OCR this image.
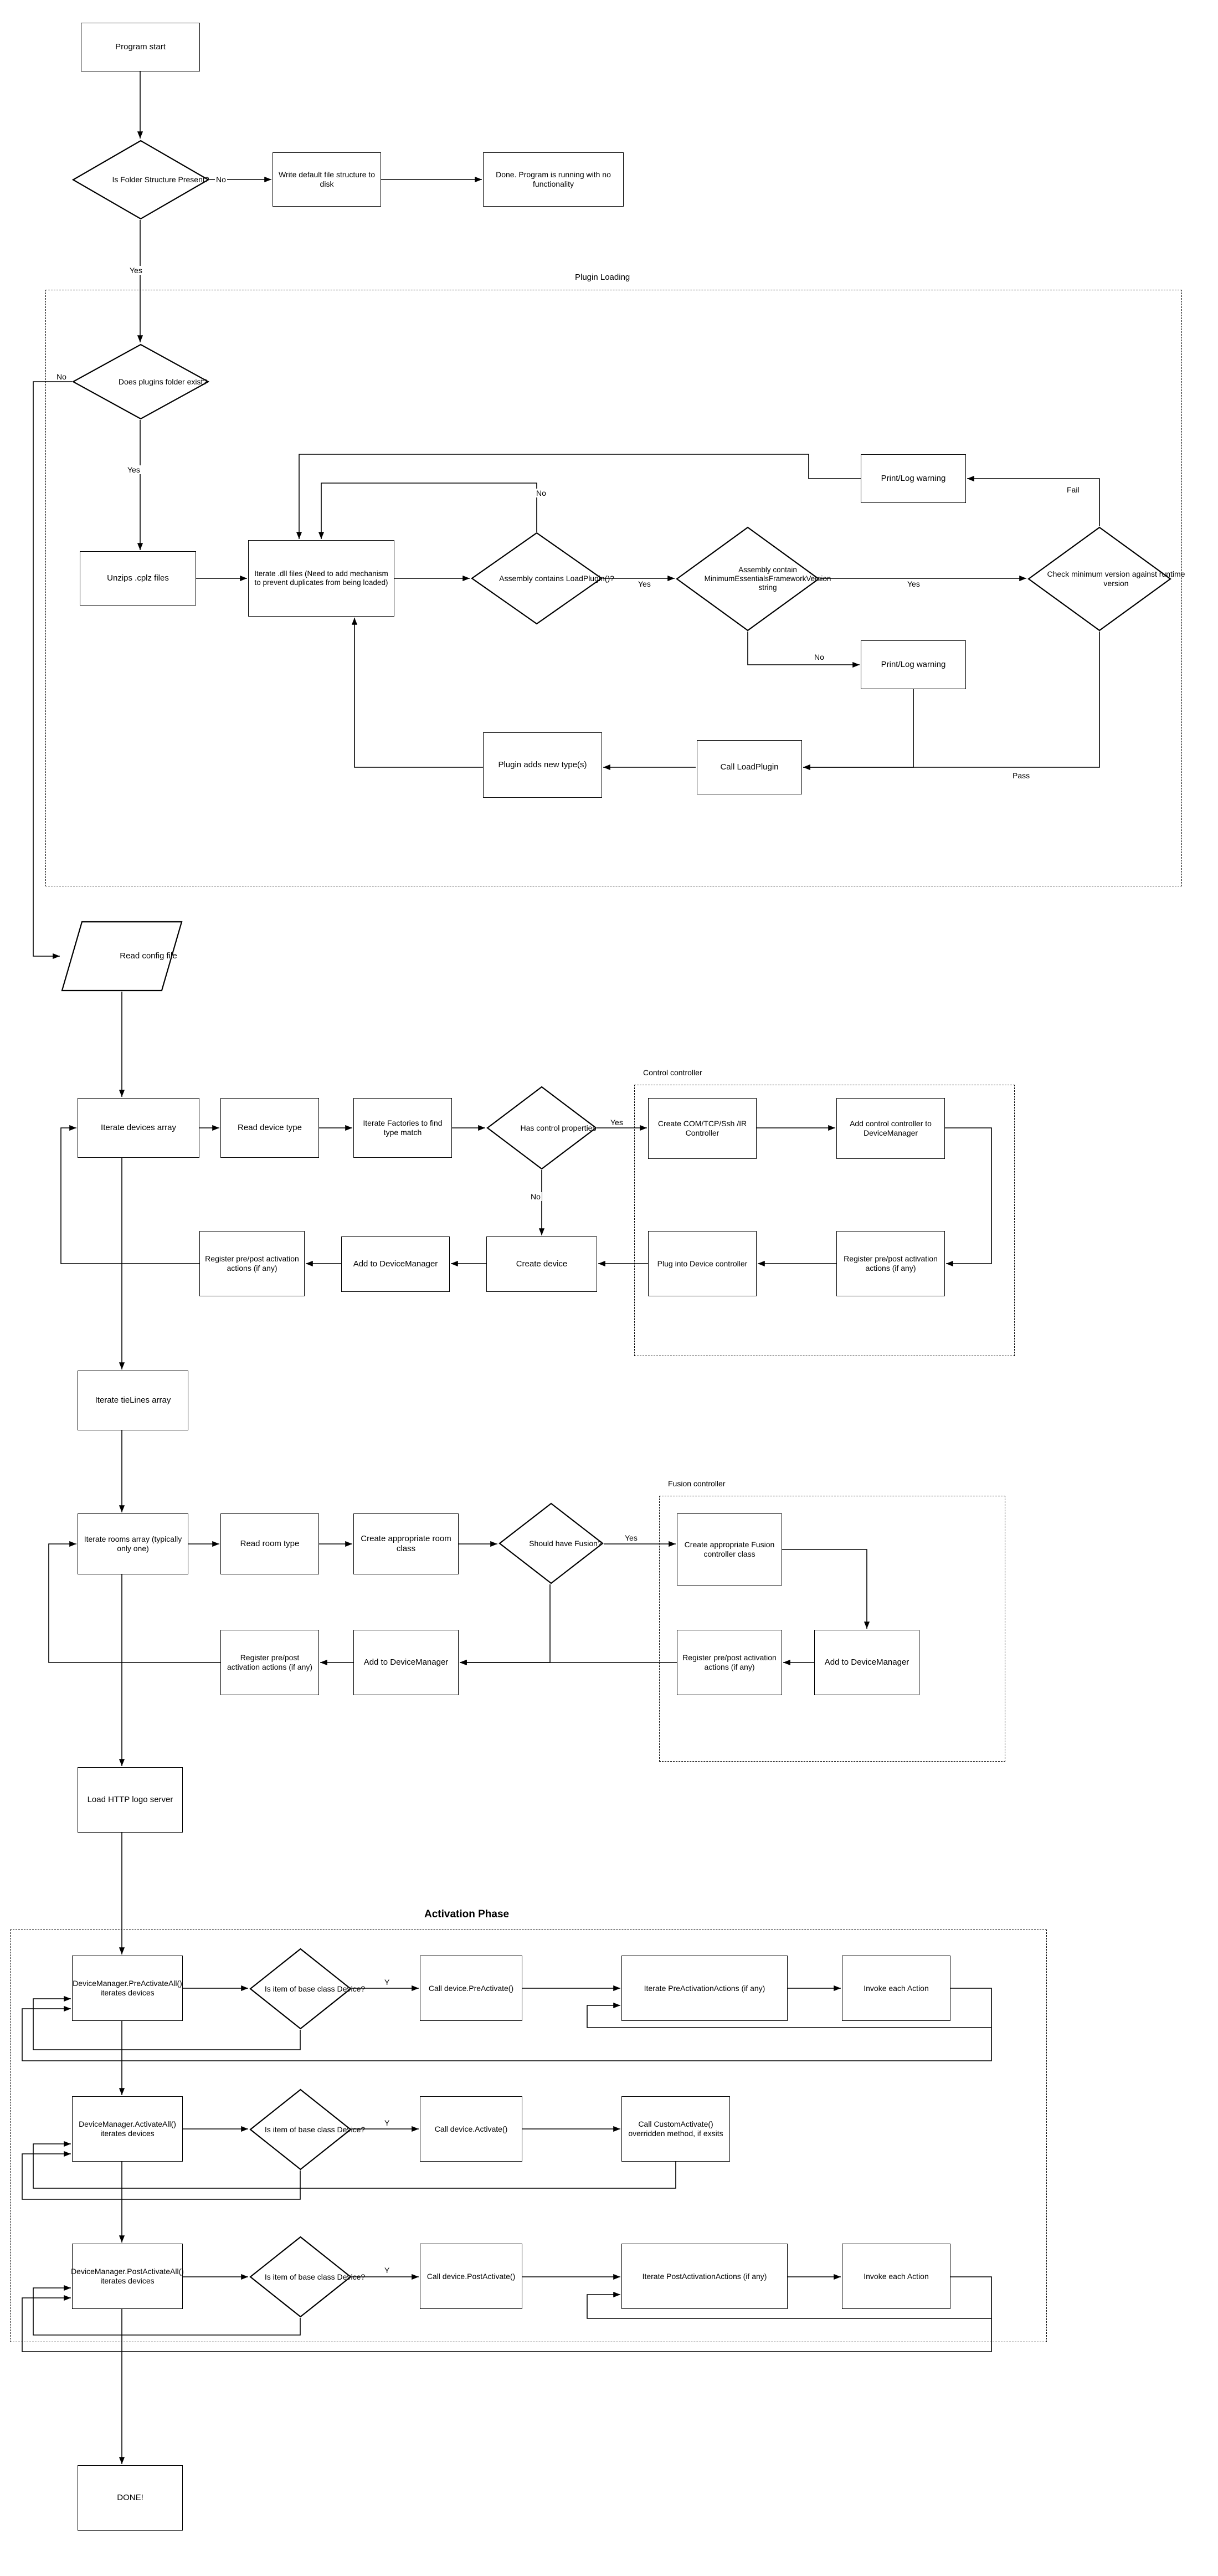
Plugin Loading
Control controller
Fusion controller
Activation Phase
Program start
Write default file structure to disk
Done. Program is running with no functionality
Unzips .cplz files	Iterate .dll files (Need to add mechanism to prevent duplicates from being loaded)
Print/Log warning
Print/Log warning
Call LoadPlugin
Plugin adds new type(s)
Iterate devices array	Read device type	Iterate Factories to find type match
Create COM/TCP/Ssh /IR Controller
Add control controller to DeviceManager
Register pre/post activation actions (if any)
Plug into Device controller
Create device
Add to DeviceManager
Register pre/post activation actions (if any)
Iterate tieLines array
Iterate rooms array (typically only one)	Read room type
Create appropriate room class	Create appropriate Fusion controller class
Add to DeviceManager
Register pre/post activation actions (if any)
Add to DeviceManager
Register pre/post activation actions (if any)
Load HTTP logo server
DeviceManager.PreActivateAll() iterates devices
Call device.PreActivate()	Iterate PreActivationActions (if any)	Invoke each Action
DeviceManager.ActivateAll() iterates devices
Call device.Activate()
Call CustomActivate() overridden method, if exsits
DeviceManager.PostActivateAll() iterates devices
Call device.PostActivate()	Iterate PostActivationActions (if any)	Invoke each Action
DONE!
Is Folder Structure Present?
Does plugins folder exist?
Assembly contains LoadPlugin()?
Assembly contain MinimumEssentialsFrameworkVersion string
Check minimum version against runtime version
Has control properties
Should have Fusion?
Is item of base class Device?
Is item of base class Device?
Is item of base class Device?
Read config file
No
Yes
No
Yes
No
Yes
No
Yes
Fail
Pass
Yes
No
Yes
Y
Y
Y
